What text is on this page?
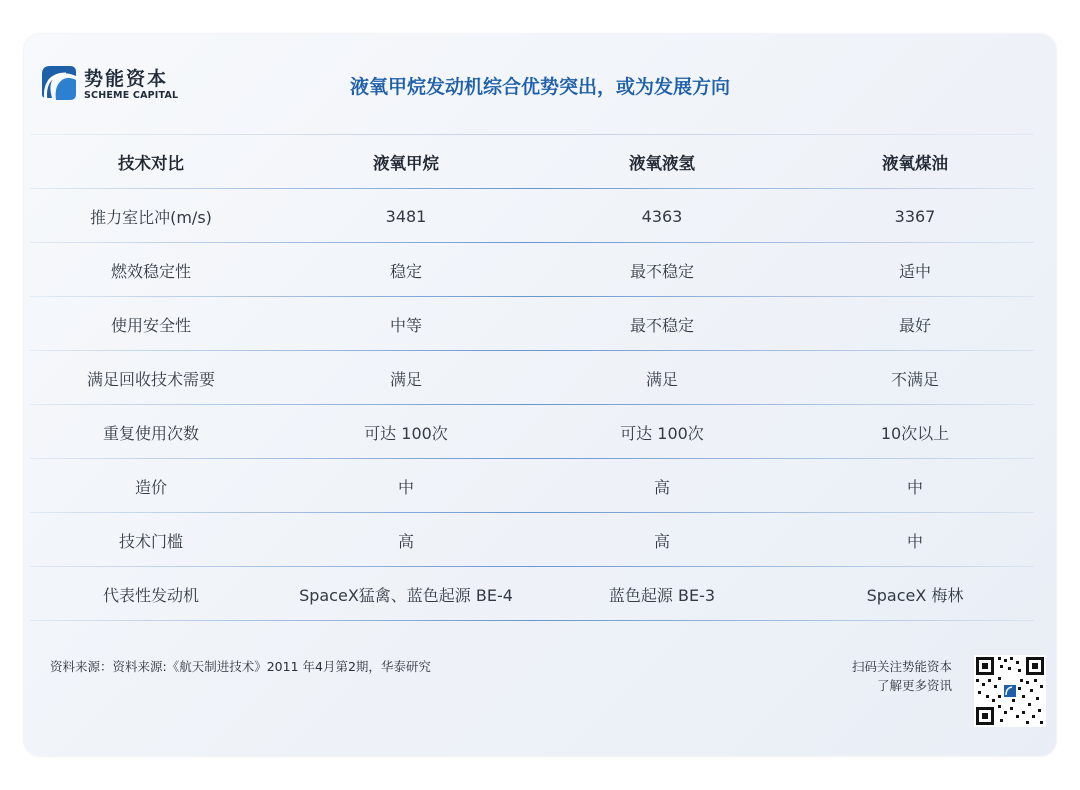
势能资本
SCHEME CAPITAL	液氧甲烷发动机综合优势突出，或为发展方向
技术对比	液氧甲烷	液氧液氢	液氧煤油
推力室比冲(m/s)	3481	4363	3367
燃效稳定性	稳定	最不稳定	适中
使用安全性	中等	最不稳定	最好
满足回收技术需要	满足	满足	不满足
重复使用次数	可达 100次	可达 100次	10次以上
造价	中	高	中
技术门槛	高	高	中
代表性发动机	SpaceX猛禽、蓝色起源 BE-4	蓝色起源 BE-3	SpaceX 梅林
资料来源：资料来源:《航天制进技术》2011 年4月第2期，华泰研究	扫码关注势能资本
了解更多资讯
